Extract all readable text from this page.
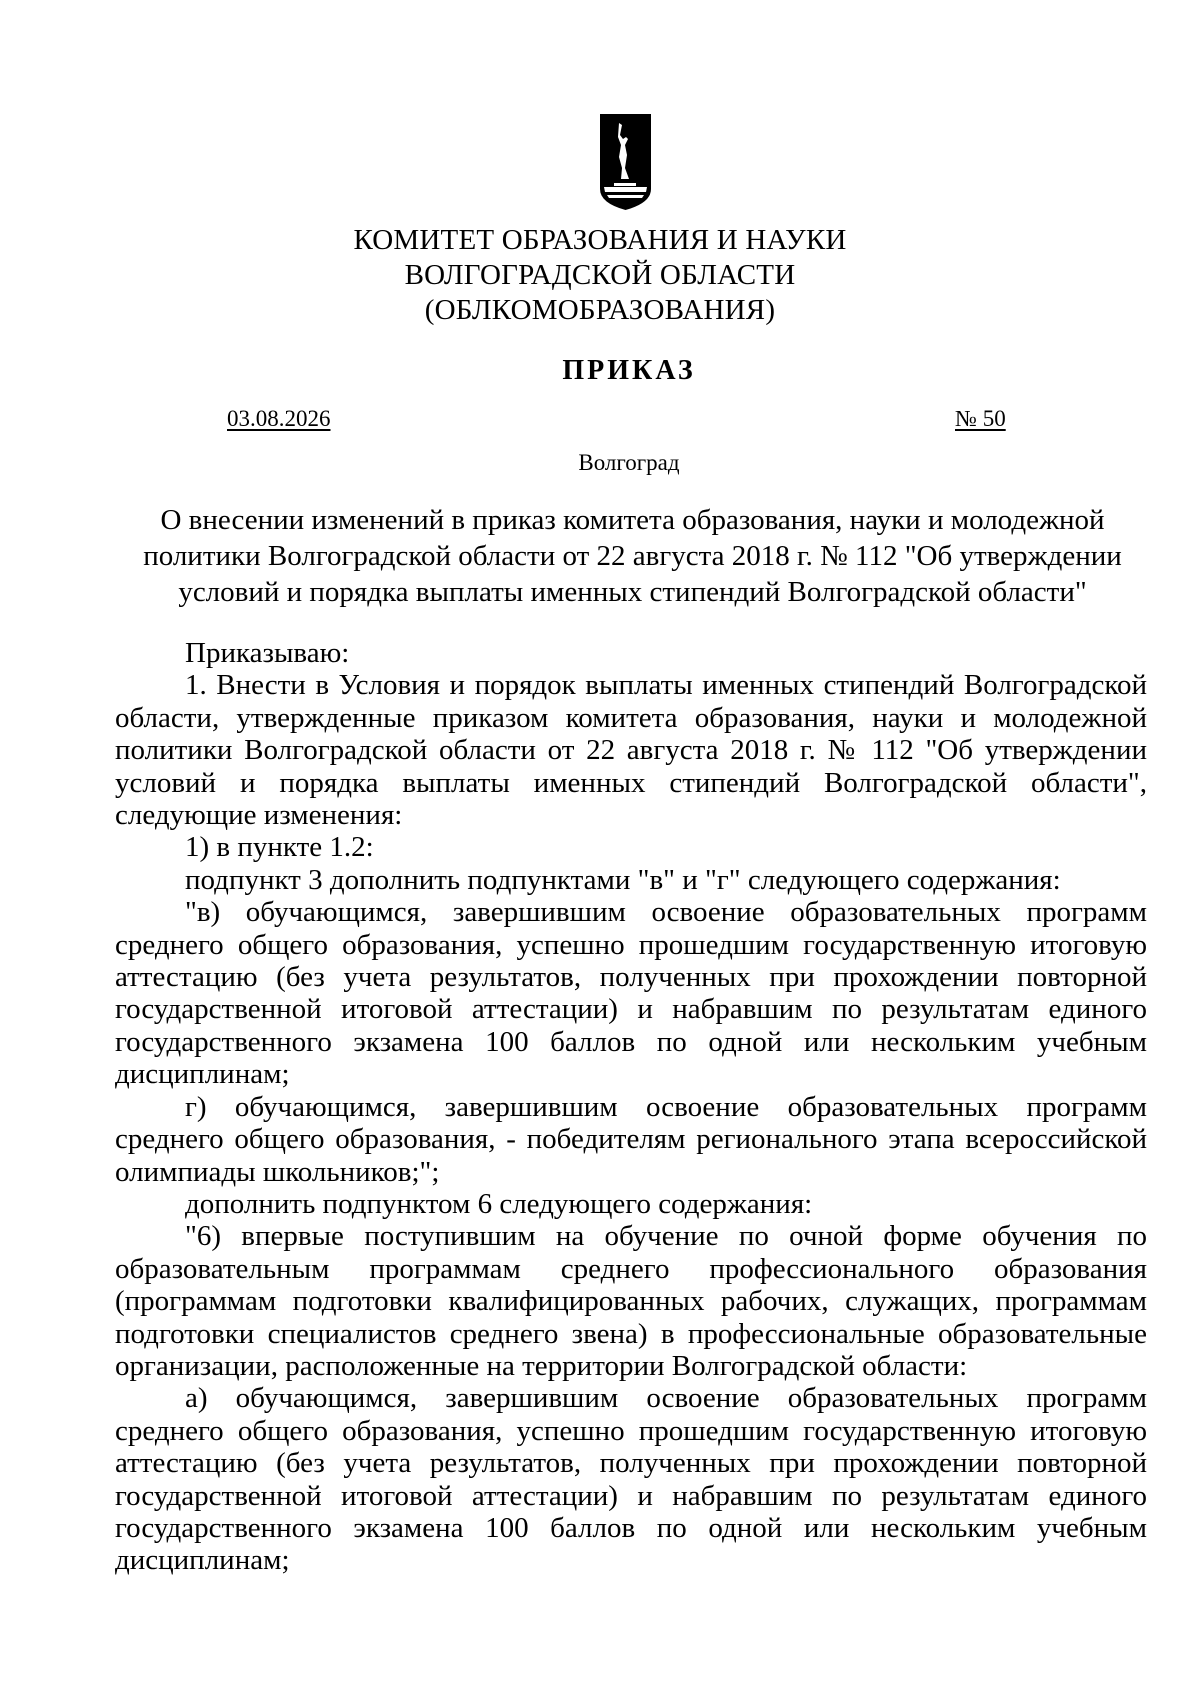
КОМИТЕТ ОБРАЗОВАНИЯ И НАУКИ
ВОЛГОГРАДСКОЙ ОБЛАСТИ
(ОБЛКОМОБРАЗОВАНИЯ)
ПРИКАЗ
03.08.2026	№ 50
Волгоград
О внесении изменений в приказ комитета образования, науки и молодежной политики Волгоградской области от 22 августа 2018 г. № 112 "Об утверждении условий и порядка выплаты именных стипендий Волгоградской области"

Приказываю:

1. Внести в Условия и порядок выплаты именных стипендий Волгоградской области, утвержденные приказом комитета образования, науки и молодежной политики Волгоградской области от 22 августа 2018 г. № 112 "Об утверждении условий и порядка выплаты именных стипендий Волгоградской области", следующие изменения:

1) в пункте 1.2:

подпункт 3 дополнить подпунктами "в" и "г" следующего содержания:

"в) обучающимся, завершившим освоение образовательных программ среднего общего образования, успешно прошедшим государственную итоговую аттестацию (без учета результатов, полученных при прохождении повторной государственной итоговой аттестации) и набравшим по результатам единого государственного экзамена 100 баллов по одной или нескольким учебным дисциплинам;

г) обучающимся, завершившим освоение образовательных программ среднего общего образования, - победителям регионального этапа всероссийской олимпиады школьников;";

дополнить подпунктом 6 следующего содержания:

"6) впервые поступившим на обучение по очной форме обучения по образовательным программам среднего профессионального образования (программам подготовки квалифицированных рабочих, служащих, программам подготовки специалистов среднего звена) в профессиональные образовательные организации, расположенные на территории Волгоградской области:

а) обучающимся, завершившим освоение образовательных программ среднего общего образования, успешно прошедшим государственную итоговую аттестацию (без учета результатов, полученных при прохождении повторной государственной итоговой аттестации) и набравшим по результатам единого государственного экзамена 100 баллов по одной или нескольким учебным дисциплинам;
